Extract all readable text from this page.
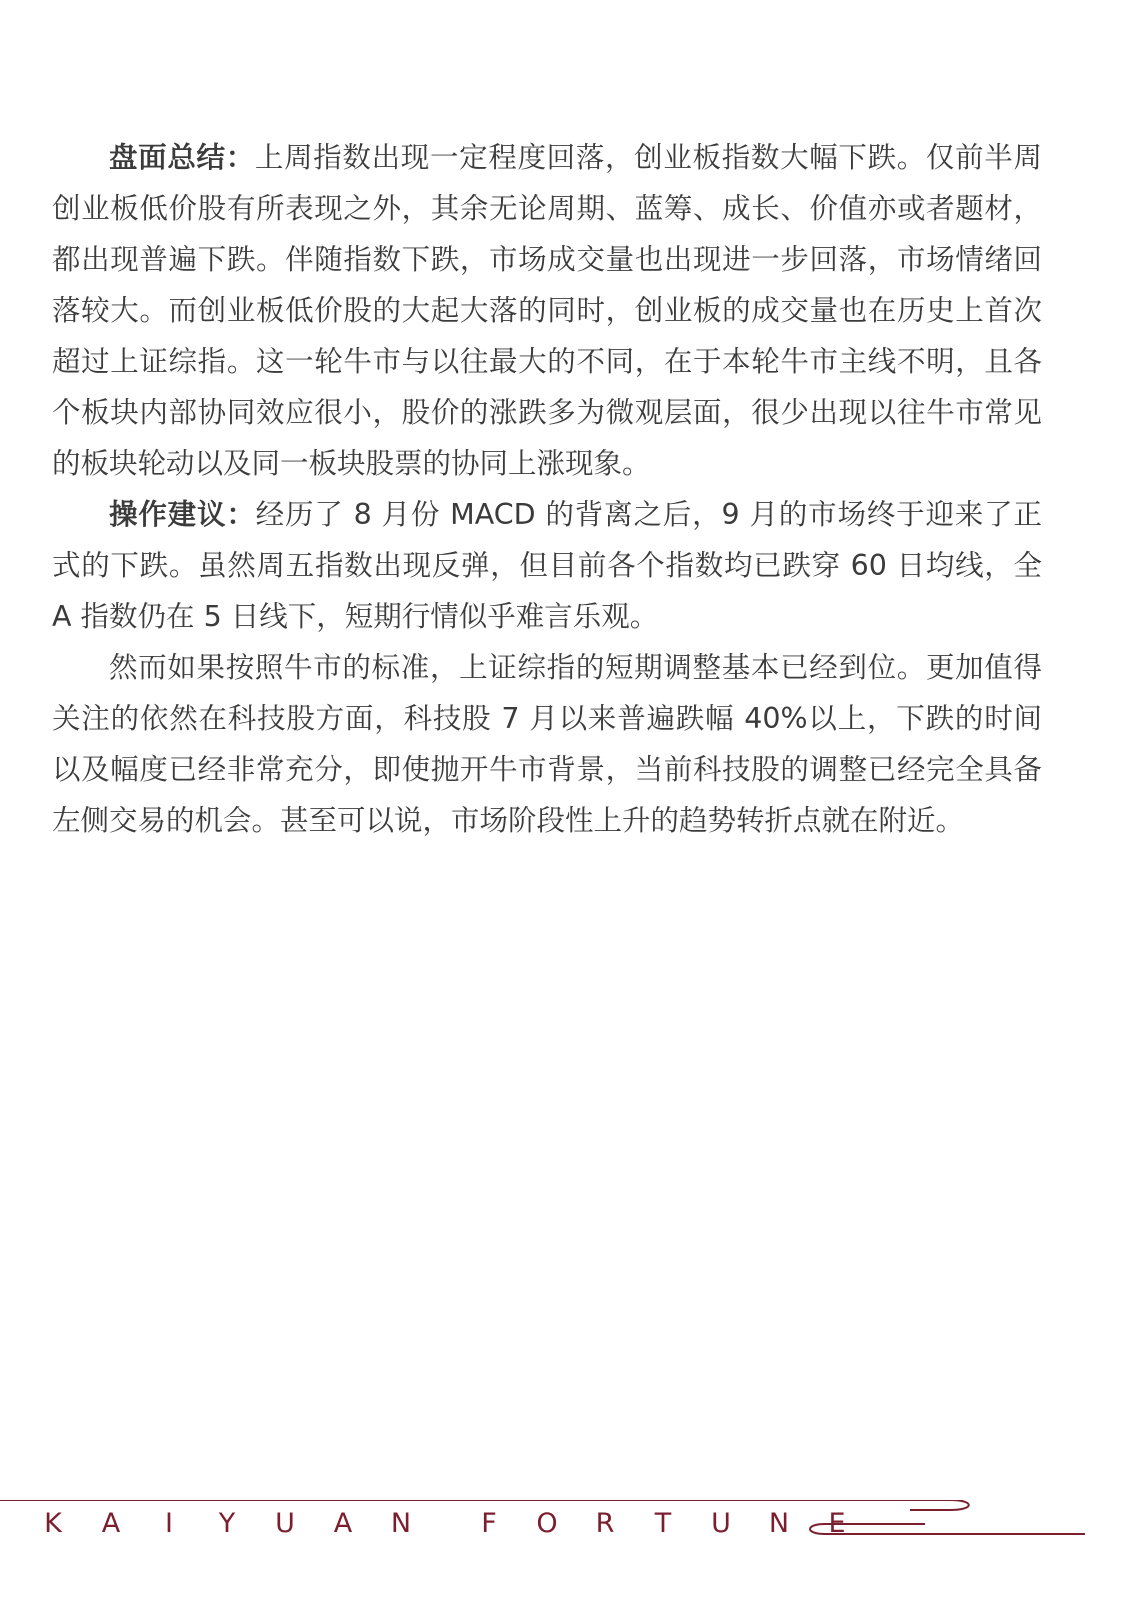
盘面总结：上周指数出现一定程度回落，创业板指数大幅下跌。仅前半周创业板低价股有所表现之外，其余无论周期、蓝筹、成长、价值亦或者题材，都出现普遍下跌。伴随指数下跌，市场成交量也出现进一步回落，市场情绪回落较大。而创业板低价股的大起大落的同时，创业板的成交量也在历史上首次超过上证综指。这一轮牛市与以往最大的不同，在于本轮牛市主线不明，且各个板块内部协同效应很小，股价的涨跌多为微观层面，很少出现以往牛市常见的板块轮动以及同一板块股票的协同上涨现象。

操作建议：经历了 8 月份 MACD 的背离之后，9 月的市场终于迎来了正式的下跌。虽然周五指数出现反弹，但目前各个指数均已跌穿 60 日均线，全 A 指数仍在 5 日线下，短期行情似乎难言乐观。

然而如果按照牛市的标准，上证综指的短期调整基本已经到位。更加值得关注的依然在科技股方面，科技股 7 月以来普遍跌幅 40%以上，下跌的时间以及幅度已经非常充分，即使抛开牛市背景，当前科技股的调整已经完全具备左侧交易的机会。甚至可以说，市场阶段性上升的趋势转折点就在附近。

K A I Y U A N	F O R T U N E
